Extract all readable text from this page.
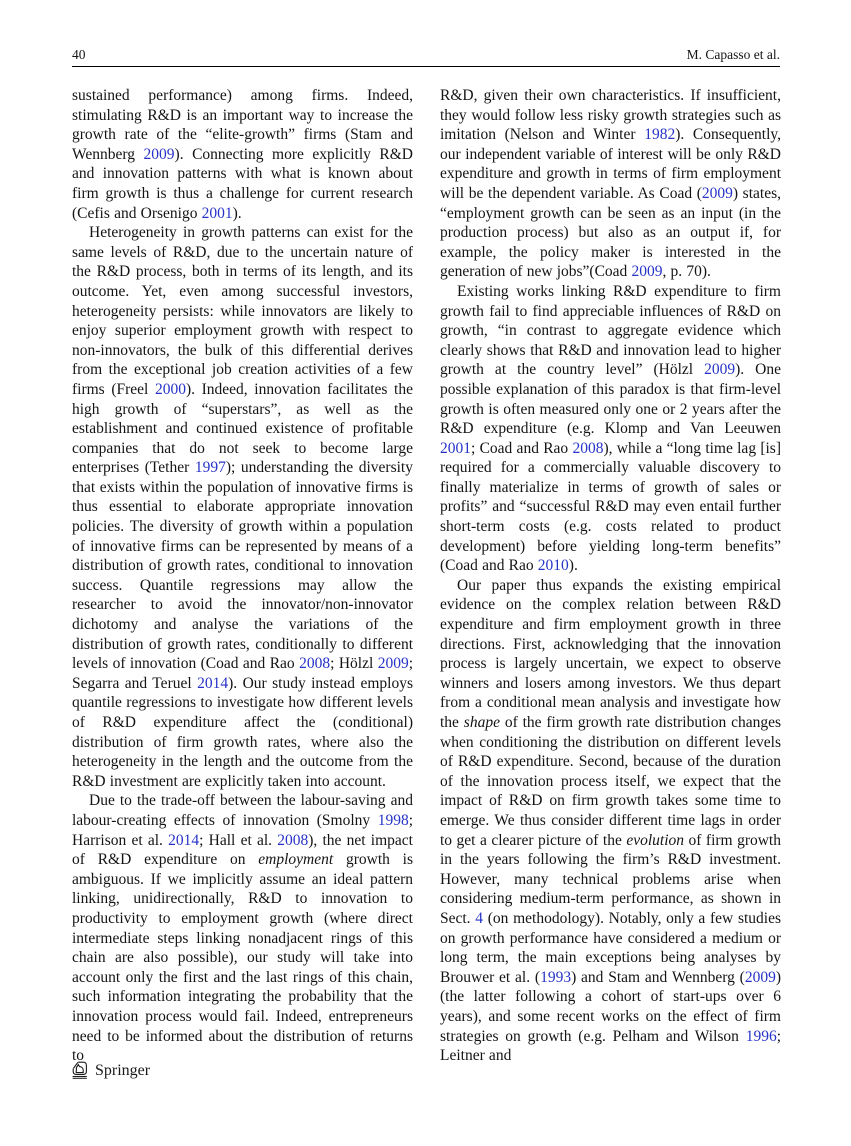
40	M. Capasso et al.

sustained performance) among firms. Indeed, stimulating R&D is an important way to increase the growth rate of the “elite-growth” firms (Stam and Wennberg 2009). Connecting more explicitly R&D and innovation patterns with what is known about firm growth is thus a challenge for current research (Cefis and Orsenigo 2001).

Heterogeneity in growth patterns can exist for the same levels of R&D, due to the uncertain nature of the R&D process, both in terms of its length, and its outcome. Yet, even among successful investors, heterogeneity persists: while innovators are likely to enjoy superior employment growth with respect to non-innovators, the bulk of this differential derives from the exceptional job creation activities of a few firms (Freel 2000). Indeed, innovation facilitates the high growth of “superstars”, as well as the establishment and continued existence of profitable companies that do not seek to become large enterprises (Tether 1997); understanding the diversity that exists within the population of innovative firms is thus essential to elaborate appropriate innovation policies. The diversity of growth within a population of innovative firms can be represented by means of a distribution of growth rates, conditional to innovation success. Quantile regressions may allow the researcher to avoid the innovator/non-innovator dichotomy and analyse the variations of the distribution of growth rates, conditionally to different levels of innovation (Coad and Rao 2008; Hölzl 2009; Segarra and Teruel 2014). Our study instead employs quantile regressions to investigate how different levels of R&D expenditure affect the (conditional) distribution of firm growth rates, where also the heterogeneity in the length and the outcome from the R&D investment are explicitly taken into account.

Due to the trade-off between the labour-saving and labour-creating effects of innovation (Smolny 1998; Harrison et al. 2014; Hall et al. 2008), the net impact of R&D expenditure on employment growth is ambiguous. If we implicitly assume an ideal pattern linking, unidirectionally, R&D to innovation to productivity to employment growth (where direct intermediate steps linking nonadjacent rings of this chain are also possible), our study will take into account only the first and the last rings of this chain, such information integrating the probability that the innovation process would fail. Indeed, entrepreneurs need to be informed about the distribution of returns to

R&D, given their own characteristics. If insufficient, they would follow less risky growth strategies such as imitation (Nelson and Winter 1982). Consequently, our independent variable of interest will be only R&D expenditure and growth in terms of firm employment will be the dependent variable. As Coad (2009) states, “employment growth can be seen as an input (in the production process) but also as an output if, for example, the policy maker is interested in the generation of new jobs”(Coad 2009, p. 70).

Existing works linking R&D expenditure to firm growth fail to find appreciable influences of R&D on growth, “in contrast to aggregate evidence which clearly shows that R&D and innovation lead to higher growth at the country level” (Hölzl 2009). One possible explanation of this paradox is that firm-level growth is often measured only one or 2 years after the R&D expenditure (e.g. Klomp and Van Leeuwen 2001; Coad and Rao 2008), while a “long time lag [is] required for a commercially valuable discovery to finally materialize in terms of growth of sales or profits” and “successful R&D may even entail further short-term costs (e.g. costs related to product development) before yielding long-term benefits” (Coad and Rao 2010).

Our paper thus expands the existing empirical evidence on the complex relation between R&D expenditure and firm employment growth in three directions. First, acknowledging that the innovation process is largely uncertain, we expect to observe winners and losers among investors. We thus depart from a conditional mean analysis and investigate how the shape of the firm growth rate distribution changes when conditioning the distribution on different levels of R&D expenditure. Second, because of the duration of the innovation process itself, we expect that the impact of R&D on firm growth takes some time to emerge. We thus consider different time lags in order to get a clearer picture of the evolution of firm growth in the years following the firm’s R&D investment. However, many technical problems arise when considering medium-term performance, as shown in Sect. 4 (on methodology). Notably, only a few studies on growth performance have considered a medium or long term, the main exceptions being analyses by Brouwer et al. (1993) and Stam and Wennberg (2009) (the latter following a cohort of start-ups over 6 years), and some recent works on the effect of firm strategies on growth (e.g. Pelham and Wilson 1996; Leitner and

Springer
